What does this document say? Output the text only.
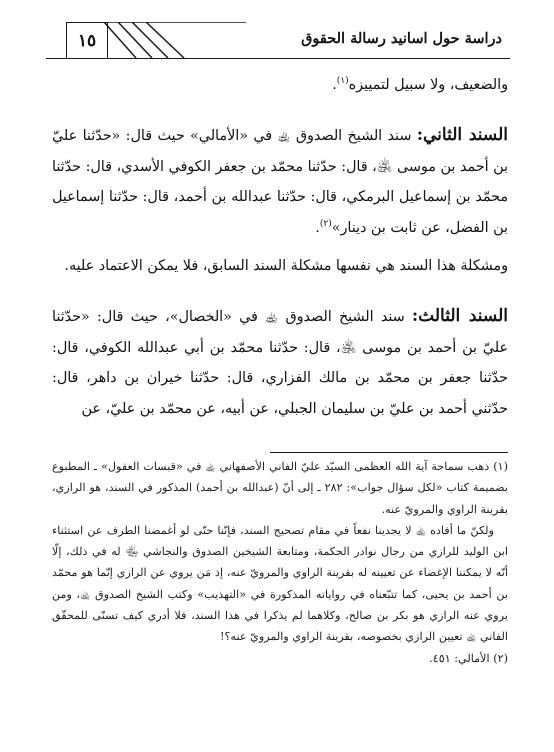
١٥	دراسة حول اسانيد رسالة الحقوق

والضعيف، ولا سبيل لتمييزه$^{(١)}$.

السند الثاني: سند الشيخ الصدوق ﵀ في «الأمالي» حيث قال: «حدّثنا عليّ بن أحمد بن موسى ﵁، قال: حدّثنا محمّد بن جعفر الكوفي الأسدي، قال: حدّثنا محمّد بن إسماعيل البرمكي، قال: حدّثنا عبدالله بن أحمد، قال: حدّثنا إسماعيل بن الفضل، عن ثابت بن دينار»$^{(٢)}$.

ومشكلة هذا السند هي نفسها مشكلة السند السابق، فلا يمكن الاعتماد عليه.

السند الثالث: سند الشيخ الصدوق ﵀ في «الخصال»، حيث قال: «حدّثنا عليّ بن أحمد بن موسى ﵁، قال: حدّثنا محمّد بن أبي عبدالله الكوفي، قال: حدّثنا جعفر بن محمّد بن مالك الفزاري، قال: حدّثنا خيران بن داهر، قال: حدّثني أحمد بن عليّ بن سليمان الجبلي، عن أبيه، عن محمّد بن عليّ، عن

(١) ذهب سماحة آية الله العظمى السيّد عليّ الفاني الأصفهاني ﵀ في «قبسات العقول» ـ المطبوع بضميمة كتاب «لكل سؤال جواب»: ٢٨٢ ـ إلى أنّ (عبدالله بن أحمد) المذكور في السند، هو الرازي، بقرينة الراوي والمرويّ عنه.

ولكنّ ما أفاده ﵀ لا يجدينا نفعاً في مقام تصحيح السند، فإنّنا حتّى لو أغمضنا الطرف عن استثناء ابن الوليد للرازي من رجال نوادر الحكمة، ومتابعة الشيخين الصدوق والنجاشي ﵄ له في ذلك، إلّا أنّه لا يمكننا الإغضاء عن تعيينه له بقرينة الراوي والمرويّ عنه، إذ مَن يروي عن الرازي إنّما هو محمّد بن أحمد بن يحيى، كما تتبّعناه في رواياته المذكورة في «التهذيب» وكتب الشيخ الصدوق ﵀، ومن يروي عنه الرازي هو بكر بن صالح، وكلاهما لم يذكرا في هذا السند، فلا أدري كيف تسنّى للمحقّق الفاني ﵀ تعيين الرازي بخصوصه، بقرينة الراوي والمرويّ عنه؟!

(٢) الأمالي: ٤٥١.
